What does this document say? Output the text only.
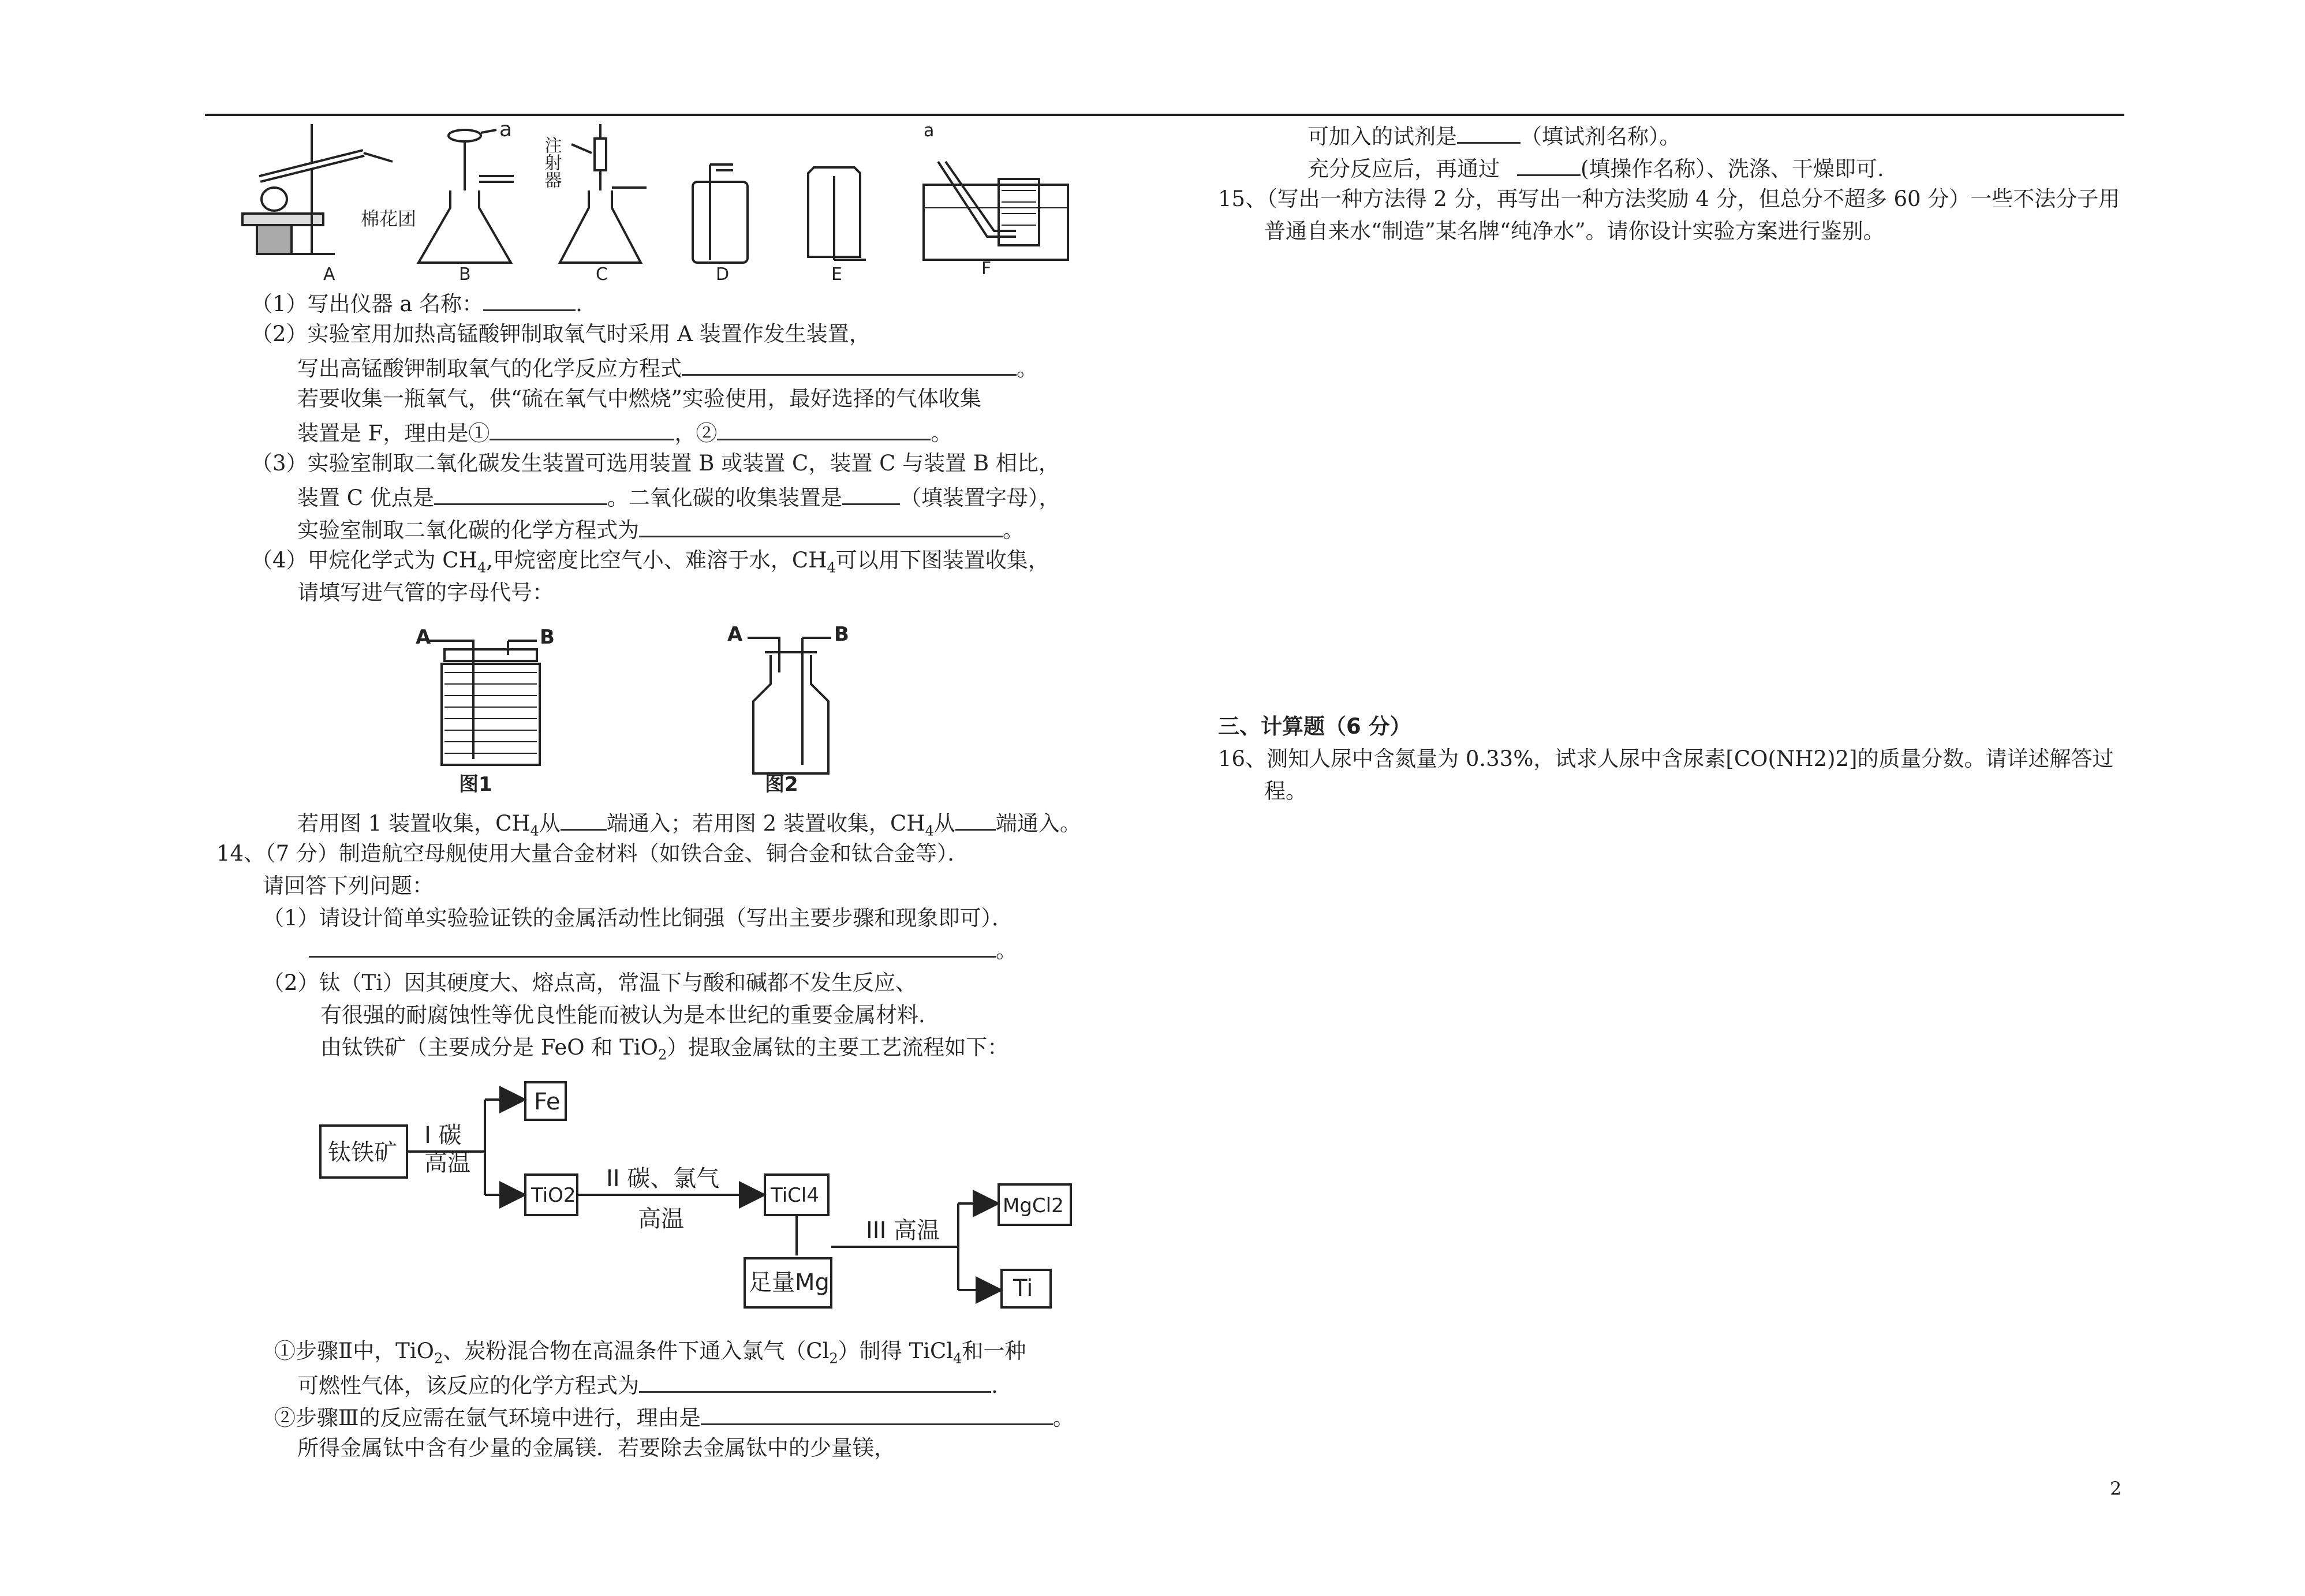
a
a
棉花团
注射器
A	B	C	D	E	F
（1）写出仪器 a 名称：	.
（2）实验室用加热高锰酸钾制取氧气时采用 A 装置作发生装置，
写出高锰酸钾制取氧气的化学反应方程式	。
若要收集一瓶氧气，供“硫在氧气中燃烧”实验使用，最好选择的气体收集
装置是 F，理由是①	，②	。
（3）实验室制取二氧化碳发生装置可选用装置 B 或装置 C，装置 C 与装置 B 相比，
装置 C 优点是	。二氧化碳的收集装置是	（填装置字母），
实验室制取二氧化碳的化学方程式为	。
（4）甲烷化学式为 $CH_4$,甲烷密度比空气小、难溶于水，$CH_4$可以用下图装置收集，
请填写进气管的字母代号：
A	B	A	B
图1	图2
若用图 1 装置收集，$CH_4$从 端通入；若用图 2 装置收集，$CH_4$从 端通入。
14、（7 分）制造航空母舰使用大量合金材料（如铁合金、铜合金和钛合金等）．
请回答下列问题：
（1）请设计简单实验验证铁的金属活动性比铜强（写出主要步骤和现象即可）．
。
（2）钛（Ti）因其硬度大、熔点高，常温下与酸和碱都不发生反应、
有很强的耐腐蚀性等优良性能而被认为是本世纪的重要金属材料.
由钛铁矿（主要成分是 FeO 和 TiO$_2$）提取金属钛的主要工艺流程如下：
钛铁矿
Fe
TiO2	TiCl4
足量Mg
MgCl2
Ti
I 碳
高温
II 碳、氯气
高温	III 高温
①步骤Ⅱ中，TiO$_2$、炭粉混合物在高温条件下通入氯气$(Cl_2)$制得 TiCl$_4$和一种
可燃性气体，该反应的化学方程式为	.
②步骤Ⅲ的反应需在氩气环境中进行，理由是	。
所得金属钛中含有少量的金属镁．若要除去金属钛中的少量镁，
可加入的试剂是	（填试剂名称）。
充分反应后，再通过	(填操作名称）、洗涤、干燥即可.
15、（写出一种方法得 2 分，再写出一种方法奖励 4 分，但总分不超多 60 分）一些不法分子用
普通自来水“制造”某名牌“纯净水”。请你设计实验方案进行鉴别。
三、计算题（6 分）
16、测知人尿中含氮量为 0.33%，试求人尿中含尿素[CO(NH2)2]的质量分数。请详述解答过
程。
2
